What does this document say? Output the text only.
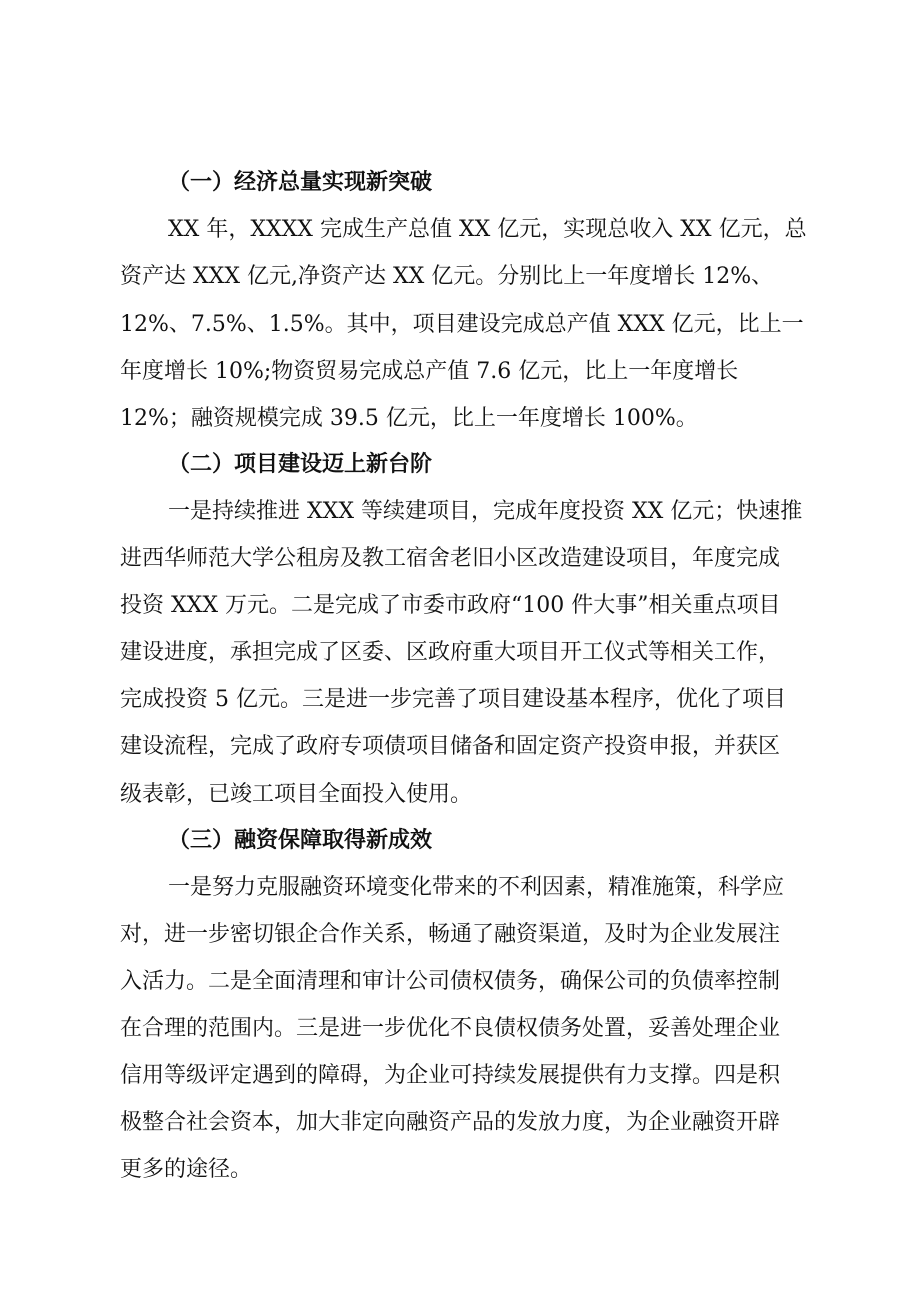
（一）经济总量实现新突破
XX 年，XXXX 完成生产总值 XX 亿元，实现总收入 XX 亿元，总
资产达 XXX 亿元,净资产达 XX 亿元。分别比上一年度增长 12%、
12%、7.5%、1.5%。其中，项目建设完成总产值 XXX 亿元，比上一
年度增长 10%;物资贸易完成总产值 7.6 亿元，比上一年度增长
12%；融资规模完成 39.5 亿元，比上一年度增长 100%。
（二）项目建设迈上新台阶
一是持续推进 XXX 等续建项目，完成年度投资 XX 亿元；快速推
进西华师范大学公租房及教工宿舍老旧小区改造建设项目，年度完成
投资 XXX 万元。二是完成了市委市政府“100 件大事”相关重点项目
建设进度，承担完成了区委、区政府重大项目开工仪式等相关工作，
完成投资 5 亿元。三是进一步完善了项目建设基本程序，优化了项目
建设流程，完成了政府专项债项目储备和固定资产投资申报，并获区
级表彰，已竣工项目全面投入使用。
（三）融资保障取得新成效
一是努力克服融资环境变化带来的不利因素，精准施策，科学应
对，进一步密切银企合作关系，畅通了融资渠道，及时为企业发展注
入活力。二是全面清理和审计公司债权债务，确保公司的负债率控制
在合理的范围内。三是进一步优化不良债权债务处置，妥善处理企业
信用等级评定遇到的障碍，为企业可持续发展提供有力支撑。四是积
极整合社会资本，加大非定向融资产品的发放力度，为企业融资开辟
更多的途径。
